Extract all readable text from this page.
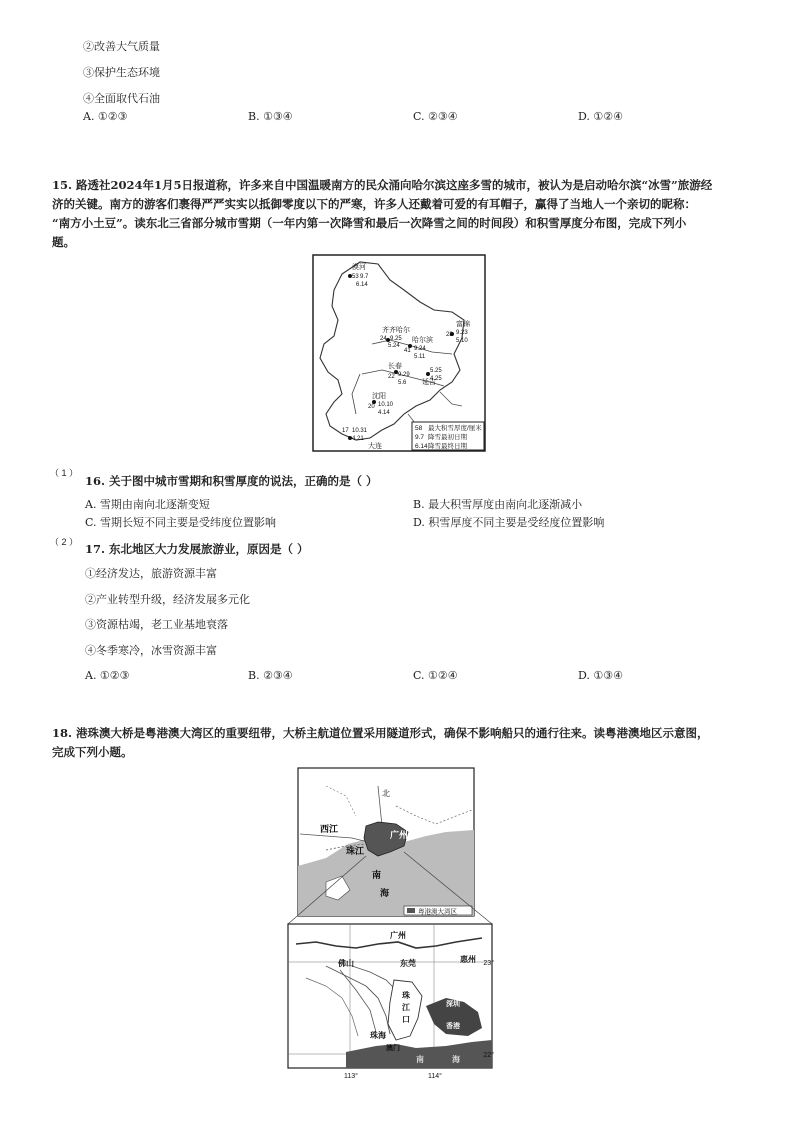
②改善大气质量
③保护生态环境
④全面取代石油
A. ①②③	B. ①③④	C. ②③④	D. ①②④
15. 路透社2024年1月5日报道称，许多来自中国温暖南方的民众涌向哈尔滨这座多雪的城市，被认为是启动哈尔滨“冰雪”旅游经
济的关键。南方的游客们裹得严严实实以抵御零度以下的严寒，许多人还戴着可爱的有耳帽子，赢得了当地人一个亲切的昵称：
“南方小土豆”。读东北三省部分城市雪期（一年内第一次降雪和最后一次降雪之间的时间段）和积雪厚度分布图，完成下列小
题。
漠河
53 9.7
6.14
齐齐哈尔
24 9.25
5.24
哈尔滨
41 9.24
5.11
富锦
28 9.23
5.10
长春
22 9.29
5.6
5.25
4.25
延吉
沈阳
20 10.10
4.14
17 10.31
4.21
大连
58 最大积雪厚度/厘米
9.7 降雪最初日期
6.14 降雪最终日期
（ 1 ）
16. 关于图中城市雪期和积雪厚度的说法，正确的是（ ）
A. 雪期由南向北逐渐变短	B. 最大积雪厚度由南向北逐渐减小
C. 雪期长短不同主要是受纬度位置影响	D. 积雪厚度不同主要是受经度位置影响
（ 2 ） 17. 东北地区大力发展旅游业，原因是（ ）
①经济发达，旅游资源丰富
②产业转型升级，经济发展多元化
③资源枯竭，老工业基地衰落
④冬季寒冷，冰雪资源丰富
A. ①②③	B. ②③④	C. ①②④	D. ①③④
18. 港珠澳大桥是粤港澳大湾区的重要纽带，大桥主航道位置采用隧道形式，确保不影响船只的通行往来。读粤港澳地区示意图，
完成下列小题。
西江
北
广州
珠江
南
海
粤港澳大湾区
广州
佛山	东莞	惠州
珠
江
口
珠海
深圳
香港
澳门
南	海
23°
22°
113°	114°
